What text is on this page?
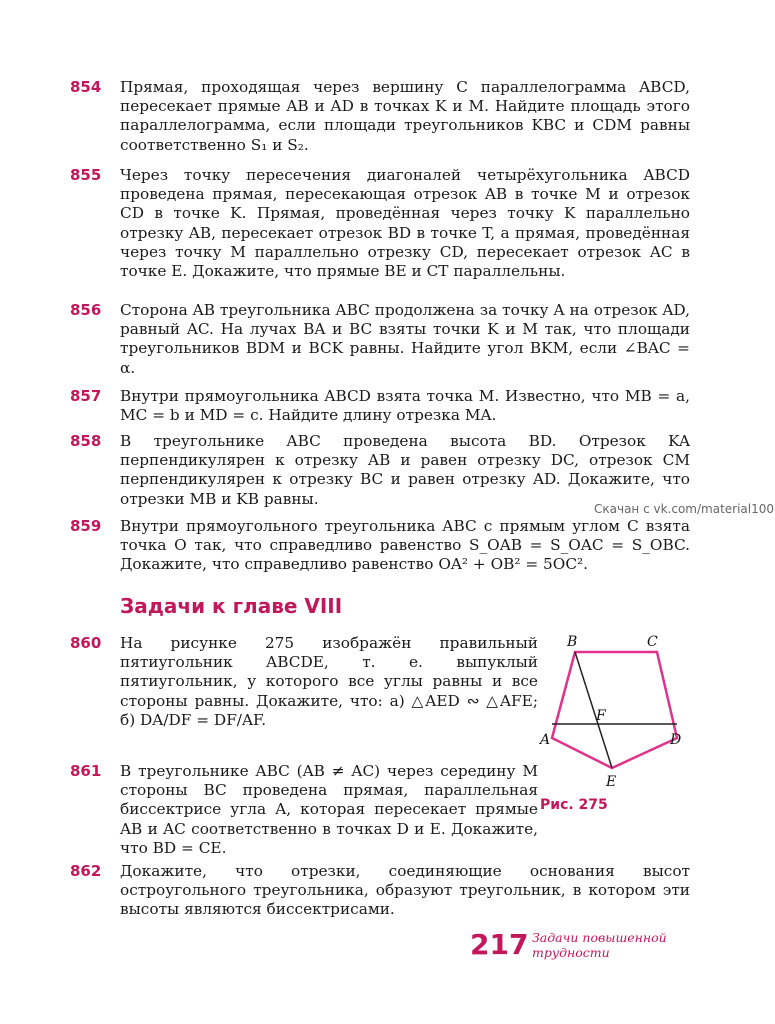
854 Прямая, проходящая через вершину C параллелограмма ABCD, пересекает прямые AB и AD в точках K и M. Найдите площадь этого параллелограмма, если площади треугольников KBC и CDM равны соответственно S₁ и S₂.
855 Через точку пересечения диагоналей четырёхугольника ABCD проведена прямая, пересекающая отрезок AB в точке M и отрезок CD в точке K. Прямая, проведённая через точку K параллельно отрезку AB, пересекает отрезок BD в точке T, а прямая, проведённая через точку M параллельно отрезку CD, пересекает отрезок AC в точке E. Докажите, что прямые BE и CT параллельны.
856 Сторона AB треугольника ABC продолжена за точку A на отрезок AD, равный AC. На лучах BA и BC взяты точки K и M так, что площади треугольников BDM и BCK равны. Найдите угол BKM, если ∠BAC = α.
857 Внутри прямоугольника ABCD взята точка M. Известно, что MB = a, MC = b и MD = c. Найдите длину отрезка MA.
858 В треугольнике ABC проведена высота BD. Отрезок KA перпендикулярен к отрезку AB и равен отрезку DC, отрезок CM перпендикулярен к отрезку BC и равен отрезку AD. Докажите, что отрезки MB и KB равны.
Скачан с vk.com/material100
859 Внутри прямоугольного треугольника ABC с прямым углом C взята точка O так, что справедливо равенство S_OAB = S_OAC = S_OBC. Докажите, что справедливо равенство OA² + OB² = 5OC².
Задачи к главе VIII
860 На рисунке 275 изображён правильный пятиугольник ABCDE, т. е. выпуклый пятиугольник, у которого все углы равны и все стороны равны. Докажите, что: а) △AED ∾ △AFE; б) DA/DF = DF/AF.
861 В треугольнике ABC (AB ≠ AC) через середину M стороны BC проведена прямая, параллельная биссектрисе угла A, которая пересекает прямые AB и AC соответственно в точках D и E. Докажите, что BD = CE.
862 Докажите, что отрезки, соединяющие основания высот остроугольного треугольника, образуют треугольник, в котором эти высоты являются биссектрисами.
B	C
D
E
A
F
Рис. 275
217 Задачи повышенной трудности
